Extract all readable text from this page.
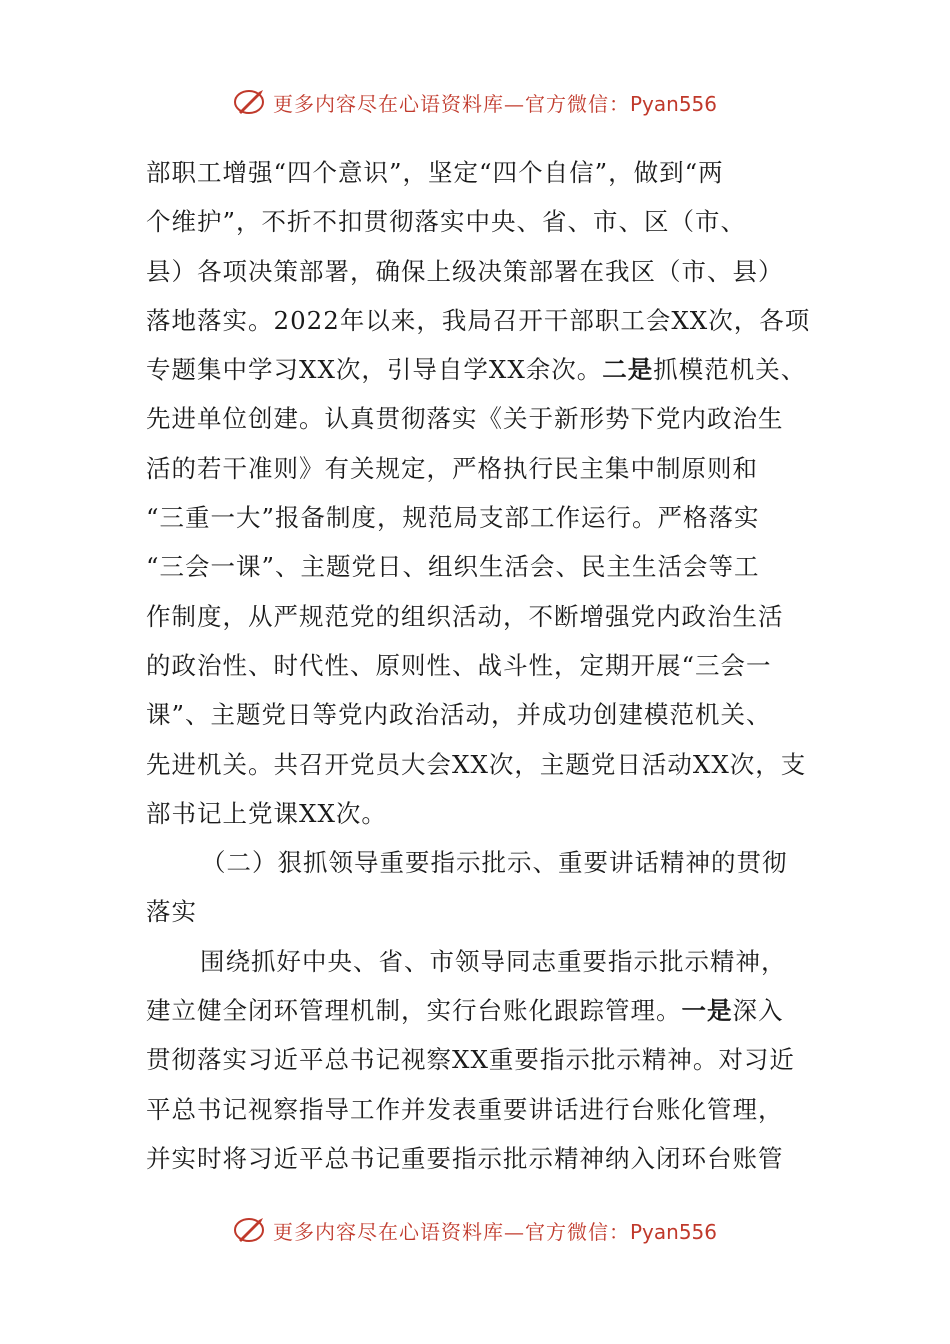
更多内容尽在心语资料库—官方微信：Pyan556
部职工增强“四个意识”，坚定“四个自信”，做到“两
个维护”，不折不扣贯彻落实中央、省、市、区（市、
县）各项决策部署，确保上级决策部署在我区（市、县）
落地落实。2022年以来，我局召开干部职工会XX次，各项
专题集中学习XX次，引导自学XX余次。二是抓模范机关、
先进单位创建。认真贯彻落实《关于新形势下党内政治生
活的若干准则》有关规定，严格执行民主集中制原则和
“三重一大”报备制度，规范局支部工作运行。严格落实
“三会一课”、主题党日、组织生活会、民主生活会等工
作制度，从严规范党的组织活动，不断增强党内政治生活
的政治性、时代性、原则性、战斗性，定期开展“三会一
课”、主题党日等党内政治活动，并成功创建模范机关、
先进机关。共召开党员大会XX次，主题党日活动XX次，支
部书记上党课XX次。
（二）狠抓领导重要指示批示、重要讲话精神的贯彻
落实
围绕抓好中央、省、市领导同志重要指示批示精神，
建立健全闭环管理机制，实行台账化跟踪管理。一是深入
贯彻落实习近平总书记视察XX重要指示批示精神。对习近
平总书记视察指导工作并发表重要讲话进行台账化管理，
并实时将习近平总书记重要指示批示精神纳入闭环台账管
更多内容尽在心语资料库—官方微信：Pyan556
